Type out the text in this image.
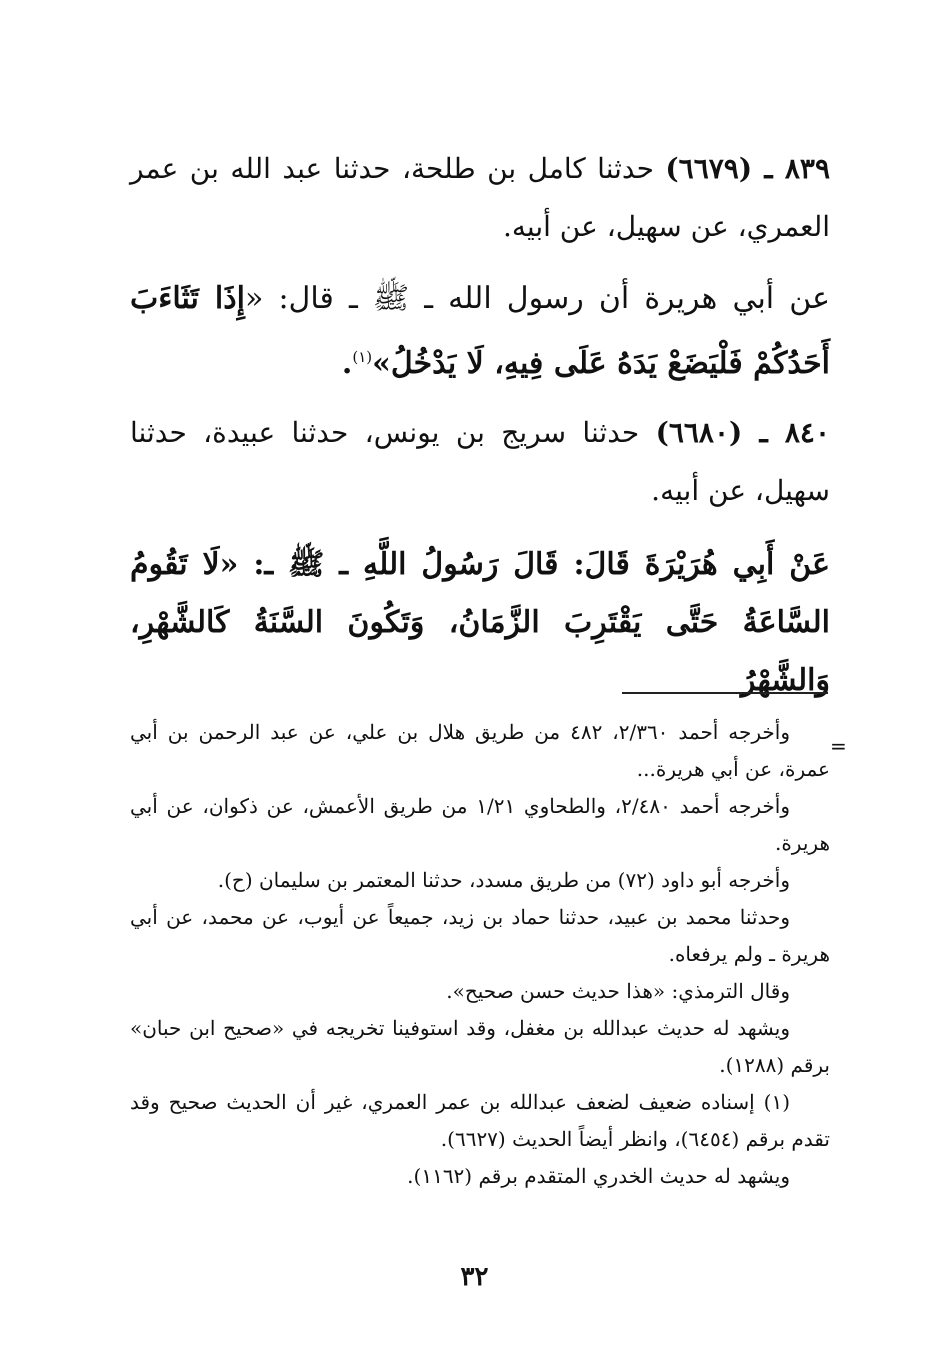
٨٣٩ ـ (٦٦٧٩) حدثنا كامل بن طلحة، حدثنا عبد الله بن عمر العمري، عن سهيل، عن أبيه.
عن أبي هريرة أن رسول الله ـ ﷺ ـ قال: «إِذَا تَثَاءَبَ أَحَدُكُمْ فَلْيَضَعْ يَدَهُ عَلَى فِيهِ، لَا يَدْخُلُ»$^{(١)}$.
٨٤٠ ـ (٦٦٨٠) حدثنا سريج بن يونس، حدثنا عبيدة، حدثنا سهيل، عن أبيه.
عَنْ أَبِي هُرَيْرَةَ قَالَ: قَالَ رَسُولُ اللَّهِ ـ ﷺ ـ: «لَا تَقُومُ السَّاعَةُ حَتَّى يَقْتَرِبَ الزَّمَانُ، وَتَكُونَ السَّنَةُ كَالشَّهْرِ، وَالشَّهْرُ
=

وأخرجه أحمد ٢/٣٦٠، ٤٨٢ من طريق هلال بن علي، عن عبد الرحمن بن أبي عمرة، عن أبي هريرة...

وأخرجه أحمد ٢/٤٨٠، والطحاوي ١/٢١ من طريق الأعمش، عن ذكوان، عن أبي هريرة.

وأخرجه أبو داود (٧٢) من طريق مسدد، حدثنا المعتمر بن سليمان (ح).

وحدثنا محمد بن عبيد، حدثنا حماد بن زيد، جميعاً عن أيوب، عن محمد، عن أبي هريرة ـ ولم يرفعاه.

وقال الترمذي: «هذا حديث حسن صحيح».

ويشهد له حديث عبدالله بن مغفل، وقد استوفينا تخريجه في «صحيح ابن حبان» برقم (١٢٨٨).

(١) إسناده ضعيف لضعف عبدالله بن عمر العمري، غير أن الحديث صحيح وقد تقدم برقم (٦٤٥٤)، وانظر أيضاً الحديث (٦٦٢٧).

ويشهد له حديث الخدري المتقدم برقم (١١٦٢).

٣٢
